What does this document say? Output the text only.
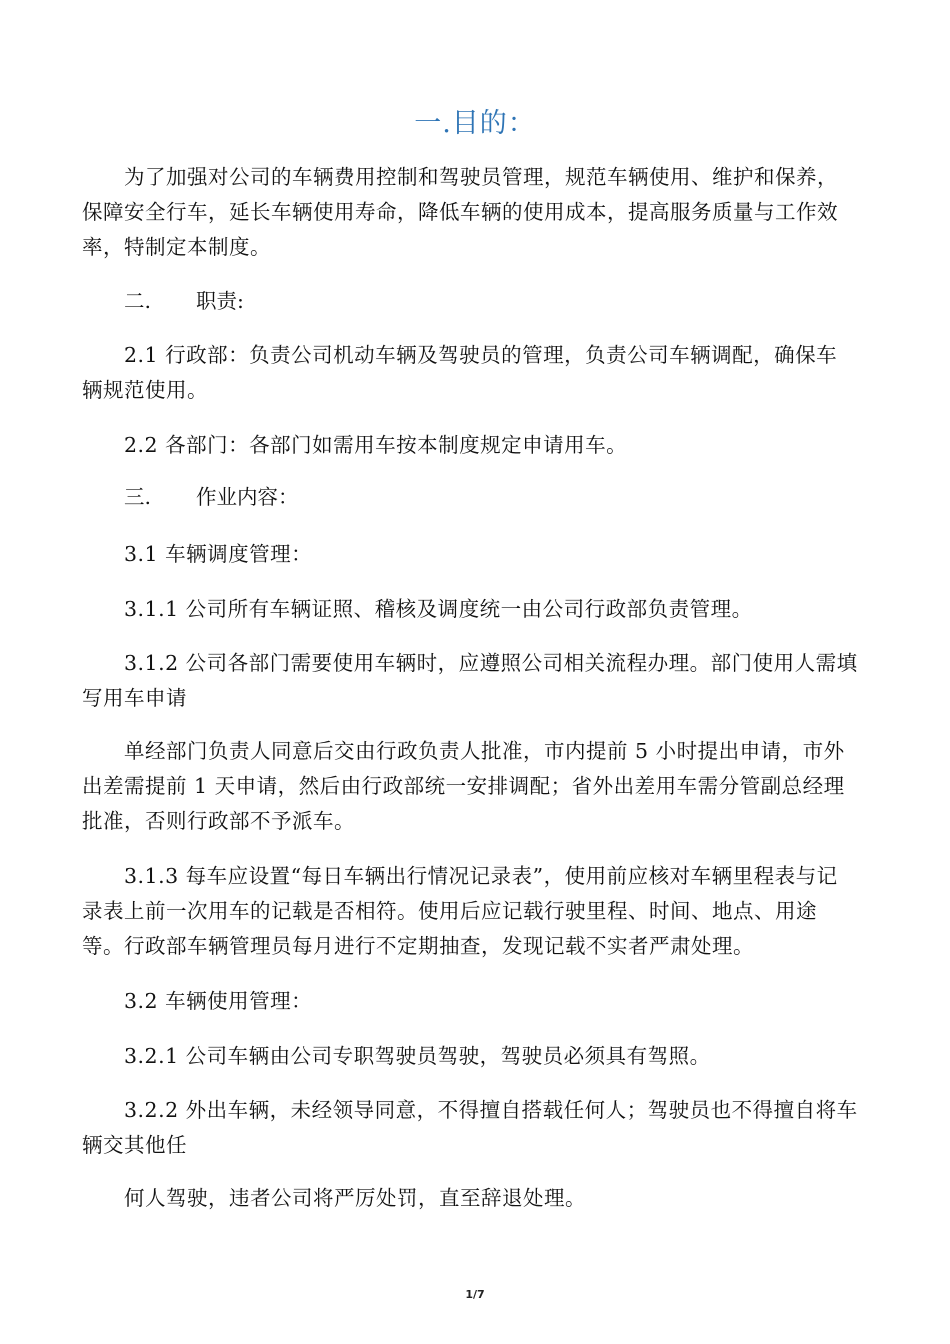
一.目的：
为了加强对公司的车辆费用控制和驾驶员管理，规范车辆使用、维护和保养，保障安全行车，延长车辆使用寿命，降低车辆的使用成本，提高服务质量与工作效率，特制定本制度。
二. 职责:
2.1 行政部：负责公司机动车辆及驾驶员的管理，负责公司车辆调配，确保车辆规范使用。
2.2 各部门：各部门如需用车按本制度规定申请用车。
三. 作业内容：
3.1 车辆调度管理：
3.1.1 公司所有车辆证照、稽核及调度统一由公司行政部负责管理。
3.1.2 公司各部门需要使用车辆时，应遵照公司相关流程办理。部门使用人需填写用车申请
单经部门负责人同意后交由行政负责人批准，市内提前 5 小时提出申请，市外出差需提前 1 天申请，然后由行政部统一安排调配；省外出差用车需分管副总经理批准，否则行政部不予派车。
3.1.3 每车应设置“每日车辆出行情况记录表”，使用前应核对车辆里程表与记录表上前一次用车的记载是否相符。使用后应记载行驶里程、时间、地点、用途等。行政部车辆管理员每月进行不定期抽查，发现记载不实者严肃处理。
3.2 车辆使用管理：
3.2.1 公司车辆由公司专职驾驶员驾驶，驾驶员必须具有驾照。
3.2.2 外出车辆，未经领导同意，不得擅自搭载任何人；驾驶员也不得擅自将车辆交其他任
何人驾驶，违者公司将严厉处罚，直至辞退处理。
1/7
